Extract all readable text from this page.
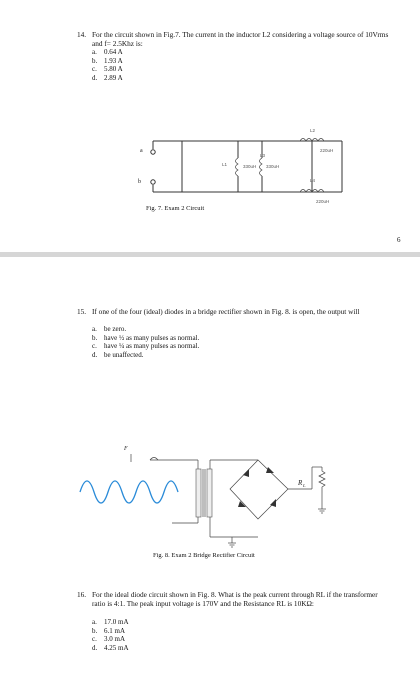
14. For the circuit shown in Fig.7. The current in the inductor L2 considering a voltage source of 10Vrms and f= 2.5Khz is:
a.	0.64 A
b. 1.93 A
c.	5.80 A
d. 2.89 A
a
b
L2
220uH
L4
220uH
L1	330uH
L3
330uH
Fig. 7. Exam 2 Circuit
6
15. If one of the four (ideal) diodes in a bridge rectifier shown in Fig. 8. is open, the output will
a.	be zero.
b. have ½ as many pulses as normal.
c.	have ¼ as many pulses as normal.
d. be unaffected.
F
R L
Fig. 8. Exam 2 Bridge Rectifier Circuit
16. For the ideal diode circuit shown in Fig. 8. What is the peak current through RL if the transformer ratio is 4:1. The peak input voltage is 170V and the Resistance RL is 10KΩ:
a.	17.0 mA
b. 6.1 mA
c.	3.0 mA
d. 4.25 mA
